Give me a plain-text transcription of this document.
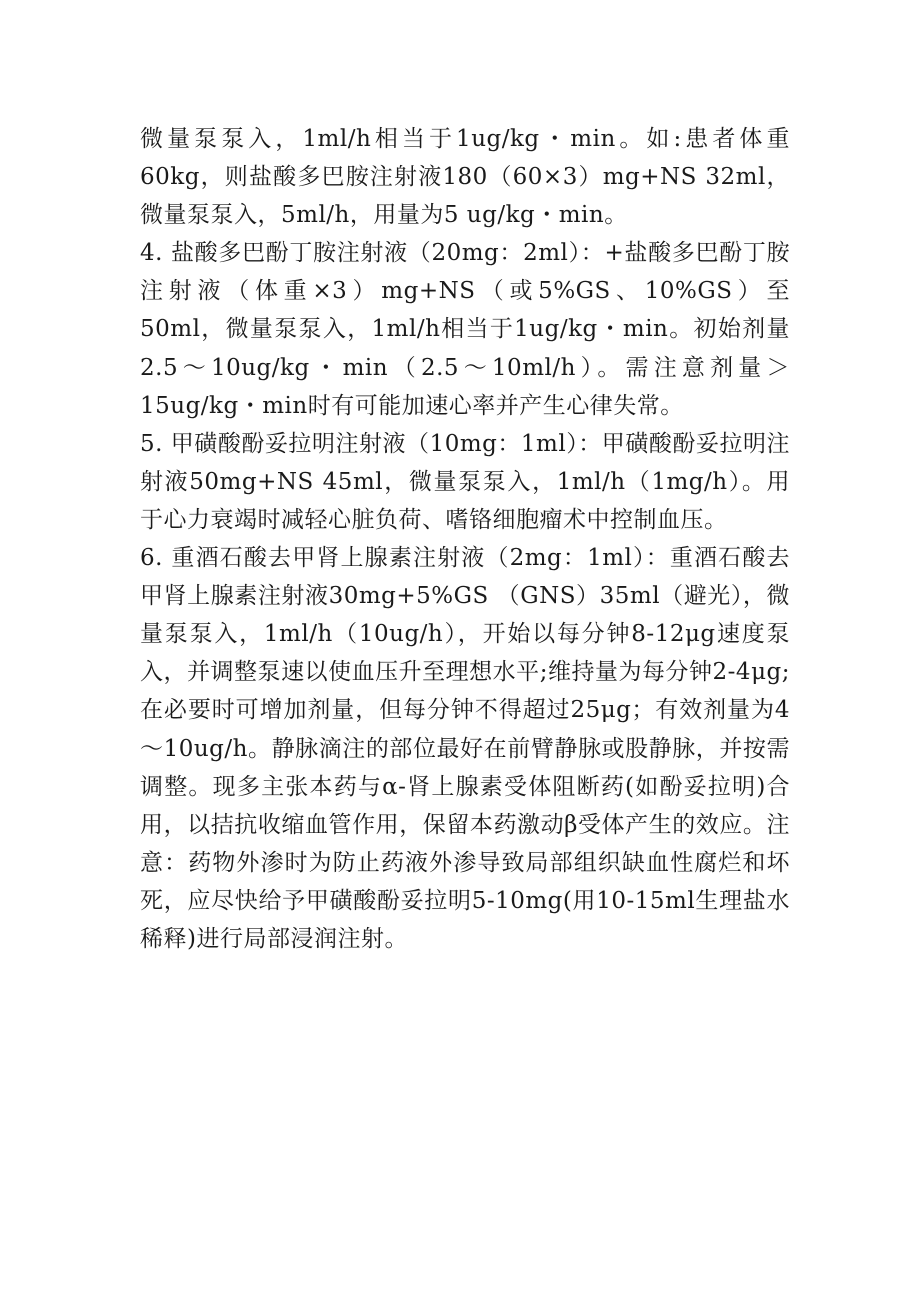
微量泵泵入，1ml/h相当于1ug/kg・min。如:患者体重60kg，则盐酸多巴胺注射液180（60×3）mg+NS 32ml，微量泵泵入，5ml/h，用量为5 ug/kg・min。

4. 盐酸多巴酚丁胺注射液（20mg：2ml）：+盐酸多巴酚丁胺注射液（体重×3）mg+NS（或5%GS、10%GS）至50ml，微量泵泵入，1ml/h相当于1ug/kg・min。初始剂量2.5～10ug/kg・min（2.5～10ml/h）。需注意剂量＞15ug/kg・min时有可能加速心率并产生心律失常。

5. 甲磺酸酚妥拉明注射液（10mg：1ml）：甲磺酸酚妥拉明注射液50mg+NS 45ml，微量泵泵入，1ml/h（1mg/h）。用于心力衰竭时减轻心脏负荷、嗜铬细胞瘤术中控制血压。

6. 重酒石酸去甲肾上腺素注射液（2mg：1ml）：重酒石酸去甲肾上腺素注射液30mg+5%GS （GNS）35ml（避光），微量泵泵入，1ml/h（10ug/h），开始以每分钟8-12μg速度泵入，并调整泵速以使血压升至理想水平;维持量为每分钟2-4μg;在必要时可增加剂量，但每分钟不得超过25μg；有效剂量为4～10ug/h。静脉滴注的部位最好在前臂静脉或股静脉，并按需调整。现多主张本药与α-肾上腺素受体阻断药(如酚妥拉明)合用，以拮抗收缩血管作用，保留本药激动β受体产生的效应。注意：药物外渗时为防止药液外渗导致局部组织缺血性腐烂和坏死，应尽快给予甲磺酸酚妥拉明5-10mg(用10-15ml生理盐水稀释)进行局部浸润注射。
